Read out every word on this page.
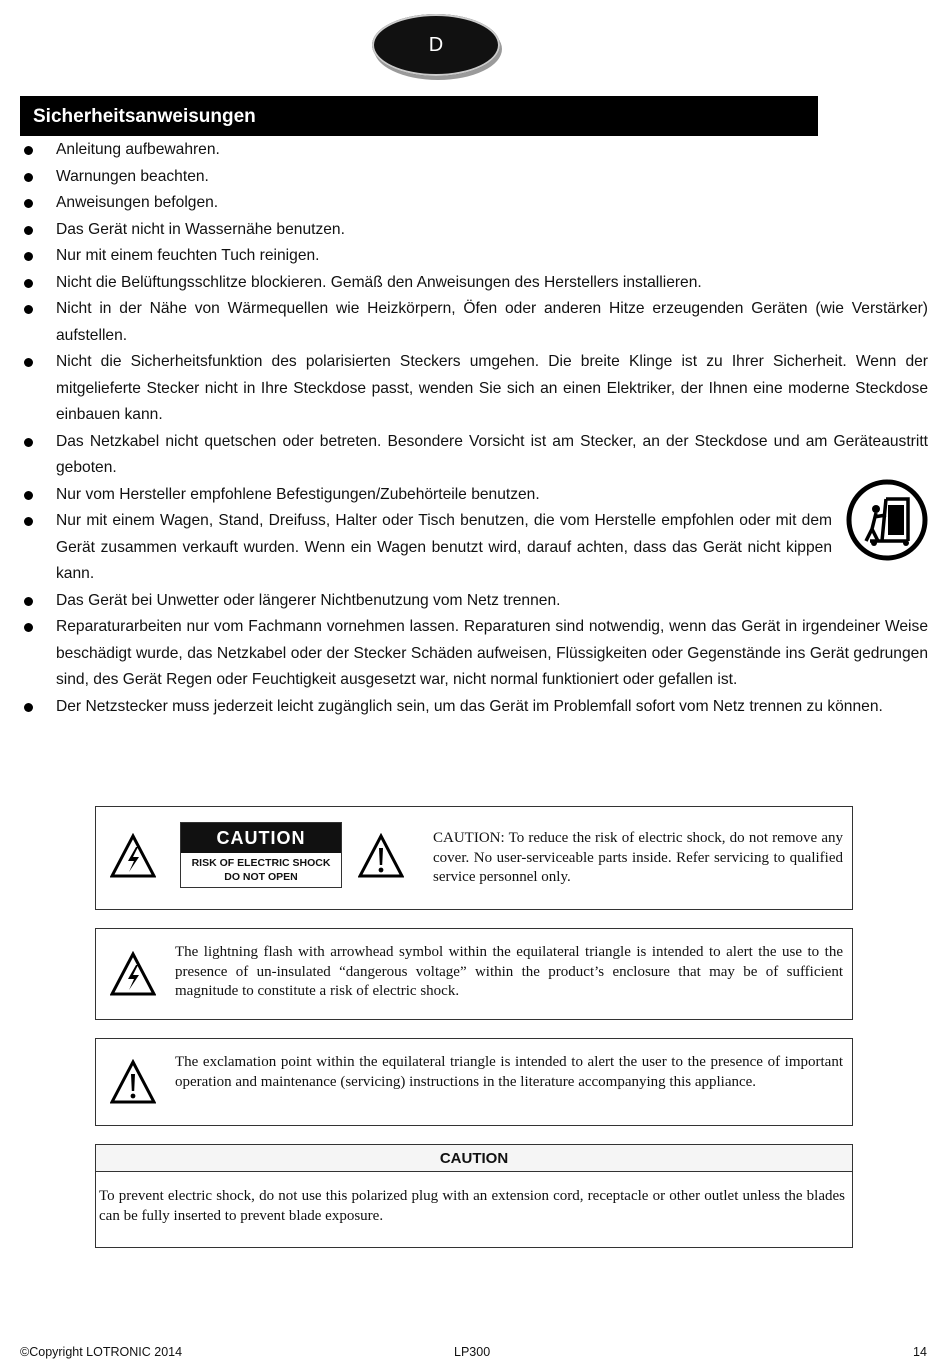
D
Sicherheitsanweisungen
Anleitung aufbewahren.
Warnungen beachten.
Anweisungen befolgen.
Das Gerät nicht in Wassernähe benutzen.
Nur mit einem feuchten Tuch reinigen.
Nicht die Belüftungsschlitze blockieren. Gemäß den Anweisungen des Herstellers installieren.
Nicht in der Nähe von Wärmequellen wie Heizkörpern, Öfen oder anderen Hitze erzeugenden Geräten (wie Verstärker) aufstellen.
Nicht die Sicherheitsfunktion des polarisierten Steckers umgehen. Die breite Klinge ist zu Ihrer Sicherheit. Wenn der mitgelieferte Stecker nicht in Ihre Steckdose passt, wenden Sie sich an einen Elektriker, der Ihnen eine moderne Steckdose einbauen kann.
Das Netzkabel nicht quetschen oder betreten. Besondere Vorsicht ist am Stecker, an der Steckdose und am Geräteaustritt geboten.
Nur vom Hersteller empfohlene Befestigungen/Zubehörteile benutzen.
Nur mit einem Wagen, Stand, Dreifuss, Halter oder Tisch benutzen, die vom Herstelle empfohlen oder mit dem Gerät zusammen verkauft wurden. Wenn ein Wagen benutzt wird, darauf achten, dass das Gerät nicht kippen kann.
Das Gerät bei Unwetter oder längerer Nichtbenutzung vom Netz trennen.
Reparaturarbeiten nur vom Fachmann vornehmen lassen. Reparaturen sind notwendig, wenn das Gerät in irgendeiner Weise beschädigt wurde, das Netzkabel oder der Stecker Schäden aufweisen, Flüssigkeiten oder Gegenstände ins Gerät gedrungen sind, des Gerät Regen oder Feuchtigkeit ausgesetzt war, nicht normal funktioniert oder gefallen ist.
Der Netzstecker muss jederzeit leicht zugänglich sein, um das Gerät im Problemfall sofort vom Netz trennen zu können.
CAUTION
RISK OF ELECTRIC SHOCK
DO NOT OPEN
CAUTION: To reduce the risk of electric shock, do not remove any cover. No user-serviceable parts inside. Refer servicing to qualified service personnel only.
The lightning flash with arrowhead symbol within the equilateral triangle is intended to alert the use to the presence of un-insulated “dangerous voltage” within the product’s enclosure that may be of sufficient magnitude to constitute a risk of electric shock.
The exclamation point within the equilateral triangle is intended to alert the user to the presence of important operation and maintenance (servicing) instructions in the literature accompanying this appliance.
CAUTION
To prevent electric shock, do not use this polarized plug with an extension cord, receptacle or other outlet unless the blades can be fully inserted to prevent blade exposure.
©Copyright LOTRONIC 2014	LP300	14
